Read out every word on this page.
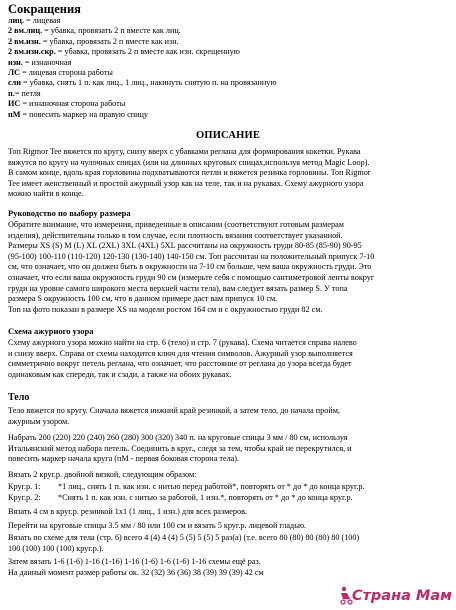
Сокращения
лиц. = лицевая
2 вм.лиц. = убавка, провязать 2 п вместе как лиц.
2 вм.изн. = убавка, провязать 2 п вместе как изн.
2 вм.изн.скр. = убавка, провязать 2 п вместе как изн. скрещенную
изн. = изнаночная
ЛС = лицевая сторона работы
сли = убавка, снять 1 п. как лиц., 1 лиц., накинуть снятую п. на провязанную
п.= петля
ИС = изнаночная сторона работы
пМ = повесить маркер на правую спицу
ОПИСАНИЕ
Топ Rigmor Tee вяжется по кругу, снизу вверх с убавками реглана для формирования кокетки. Рукава
вяжутся по кругу на чулочных спицах (или на длинных круговых спицах,используя метод Magic Loop).
В самом конце, вдоль края горловины подхватываются петли и вяжется резинка горловины. Топ Rigmor
Tee имеет женственный и простой ажурный узор как на теле, так и на рукавах. Схему ажурного узора
можно найти в конце.
Руководство по выбору размера
Обратите внимание, что измерения, приведенные в описании (соответствуют готовым размерам
изделия), действительны только в том случае, если плотность вязания соответствует указанной.
Размеры XS (S) M (L) XL (2XL) 3XL (4XL) 5XL рассчитаны на окружность груди 80-85 (85-90) 90-95
(95-100) 100-110 (110-120) 120-130 (130-140) 140-150 см. Топ рассчитан на положительный припуск 7-10
см, что означает, что он должен быть в окружности на 7-10 см больше, чем ваша окружность груди. Это
означает, что если ваша окружность груди 90 см (измерьте себя с помощью сантиметровой ленты вокруг
груди на уровне самого широкого места верхней части тела), вам следует вязать размер S. У топа
размера S окружность 100 см, что в данном примере даст вам припуск 10 см.
Топ на фото показан в размере XS на модели ростом 164 см и с окружностью груди 82 см.
Схема ажурного узора
Схему ажурного узора можно найти на стр. 6 (тело) и стр. 7 (рукава). Схема читается справа налево
и снизу вверх. Справа от схемы находится ключ для чтения символов. Ажурный узор выполняется
симметрично вокруг петель реглана, что означает, что расстояние от реглана до узора всегда будет
одинаковым как спереди, так и сзади, а также на обоих рукавах.
Тело
Тело вяжется по кругу. Сначала вяжется нижний край резинкой, а затем тело, до начала пройм,
ажурным узором.
Набрать 200 (220) 220 (240) 260 (280) 300 (320) 340 п. на круговые спицы 3 мм / 80 см, используя
Итальянский метод набора петель. Соединить в круг., следя за тем, чтобы край не перекрутился, и
повесить маркер начала круга (пМ - первая боковая сторона тела).
Вязать 2 круг.р. двойной вязкой, следующим образом:
Круг.р. 1: *1 лиц., снять 1 п. как изн. с нитью перед работой*, повторять от * до * до конца круг.р.
Круг.р. 2: *Снять 1 п. как изн. с нитью за работой, 1 изн.*, повторять от * до * до конца круг.р.
Вязать 4 см в круг.р. резинкой 1х1 (1 лиц., 1 изн.) для всех размеров.
Перейти на круговые спицы 3.5 мм / 80 или 100 см и вязать 5 круг.р. лицевой гладью.
Вязать по схеме для тела (стр. 6) всего 4 (4) 4 (4) 5 (5) 5 (5) 5 раз(а) (т.е. всего 80 (80) 80 (80) 80 (100)
100 (100) 100 (100) круг.р.).
Затем вязать 1-6 (1-6) 1-16 (1-16) 1-16 (1-6) 1-6 (1-6) 1-16 схемы ещё раз.
На данный момент размер работы ок. 32 (32) 36 (36) 38 (39) 39 (39) 42 см
Страна Мам
